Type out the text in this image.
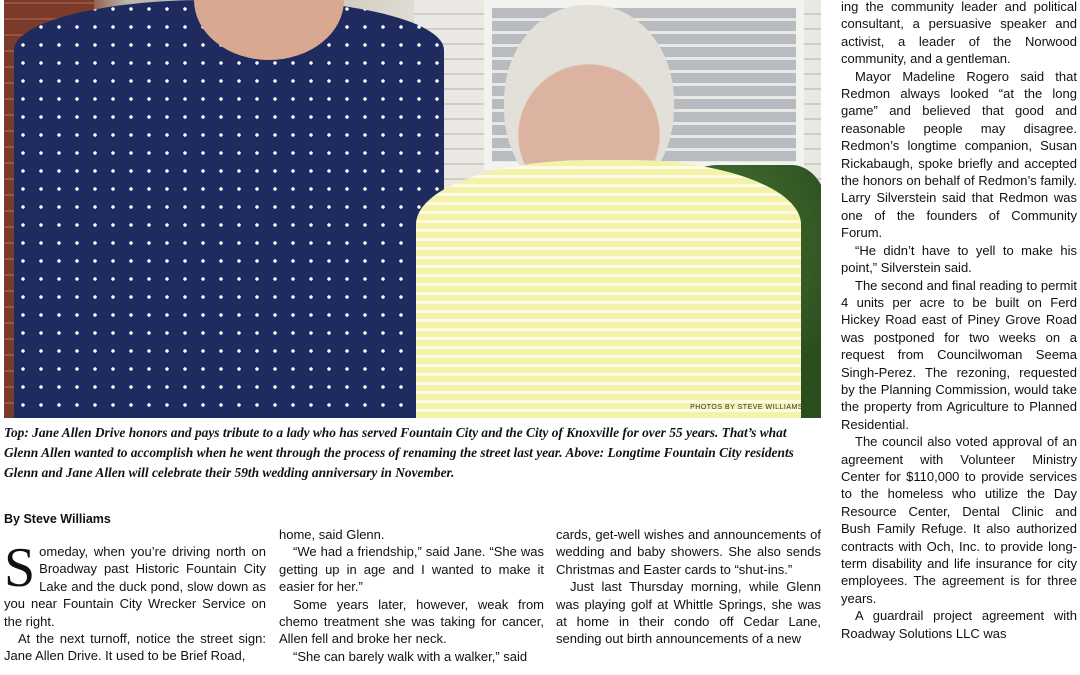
PHOTOS BY STEVE WILLIAMS
Top: Jane Allen Drive honors and pays tribute to a lady who has served Fountain City and the City of Knoxville for over 55 years. That’s what Glenn Allen wanted to accomplish when he went through the process of renaming the street last year. Above: Longtime Fountain City residents Glenn and Jane Allen will celebrate their 59th wedding anniversary in November.
By Steve Williams
S omeday, when you’re driving north on Broadway past Historic Fountain City Lake and the duck pond, slow down as you near Fountain City Wrecker Service on the right.

At the next turnoff, notice the street sign: Jane Allen Drive. It used to be Brief Road,

home, said Glenn.

“We had a friendship,” said Jane. “She was getting up in age and I wanted to make it easier for her.”

Some years later, however, weak from chemo treatment she was taking for cancer, Allen fell and broke her neck.

“She can barely walk with a walker,” said

cards, get-well wishes and announcements of wedding and baby showers. She also sends Christmas and Easter cards to “shut-ins.”

Just last Thursday morning, while Glenn was playing golf at Whittle Springs, she was at home in their condo off Cedar Lane, sending out birth announcements of a new

ing the community leader and political consultant, a persuasive speaker and activist, a leader of the Norwood community, and a gentleman.

Mayor Madeline Rogero said that Redmon always looked “at the long game” and believed that good and reasonable people may disagree. Redmon’s longtime companion, Susan Rickabaugh, spoke briefly and accepted the honors on behalf of Redmon’s family. Larry Silverstein said that Redmon was one of the founders of Community Forum.

“He didn’t have to yell to make his point,” Silverstein said.

The second and final reading to permit 4 units per acre to be built on Ferd Hickey Road east of Piney Grove Road was postponed for two weeks on a request from Councilwoman Seema Singh-Perez. The rezoning, requested by the Planning Commission, would take the property from Agriculture to Planned Residential.

The council also voted approval of an agreement with Volunteer Ministry Center for $110,000 to provide services to the homeless who utilize the Day Resource Center, Dental Clinic and Bush Family Refuge. It also authorized contracts with Och, Inc. to provide long-term disability and life insurance for city employees. The agreement is for three years.

A guardrail project agreement with Roadway Solutions LLC was
